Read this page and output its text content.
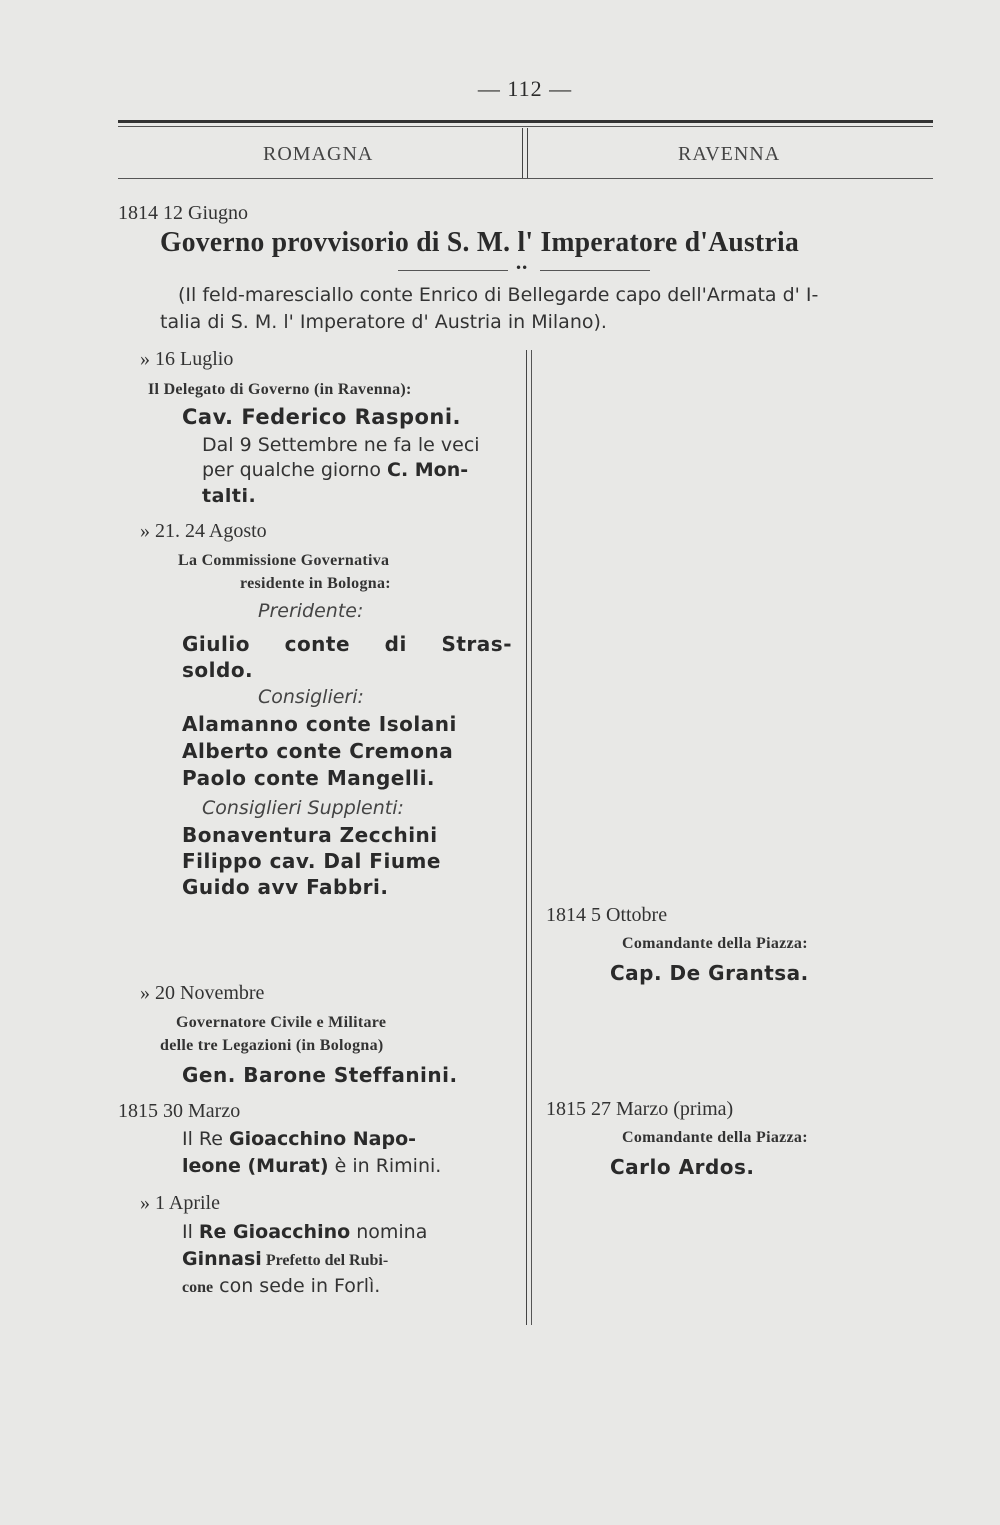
— 112 —
ROMAGNA	RAVENNA
1814 12 Giugno
Governo provvisorio di S. M. l' Imperatore d'Austria
••
(Il feld-maresciallo conte Enrico di Bellegarde capo dell'Armata d' I-
talia di S. M. l' Imperatore d' Austria in Milano).
» 16 Luglio
Il Delegato di Governo (in Ravenna):
Cav. Federico Rasponi.
Dal 9 Settembre ne fa le veci
per qualche giorno C. Mon-
talti.
» 21. 24 Agosto
La Commissione Governativa
residente in Bologna:
Preridente:
Giulio conte di Stras-
soldo.
Consiglieri:
Alamanno conte Isolani
Alberto conte Cremona
Paolo conte Mangelli.
Consiglieri Supplenti:
Bonaventura Zecchini
Filippo cav. Dal Fiume
Guido avv Fabbri.
» 20 Novembre
Governatore Civile e Militare
delle tre Legazioni (in Bologna)
Gen. Barone Steffanini.
1815 30 Marzo
Il Re Gioacchino Napo-
leone (Murat) è in Rimini.
» 1 Aprile
Il Re Gioacchino nomina
Ginnasi Prefetto del Rubi-
cone con sede in Forlì.
1814 5 Ottobre
Comandante della Piazza:
Cap. De Grantsa.
1815 27 Marzo (prima)
Comandante della Piazza:
Carlo Ardos.
